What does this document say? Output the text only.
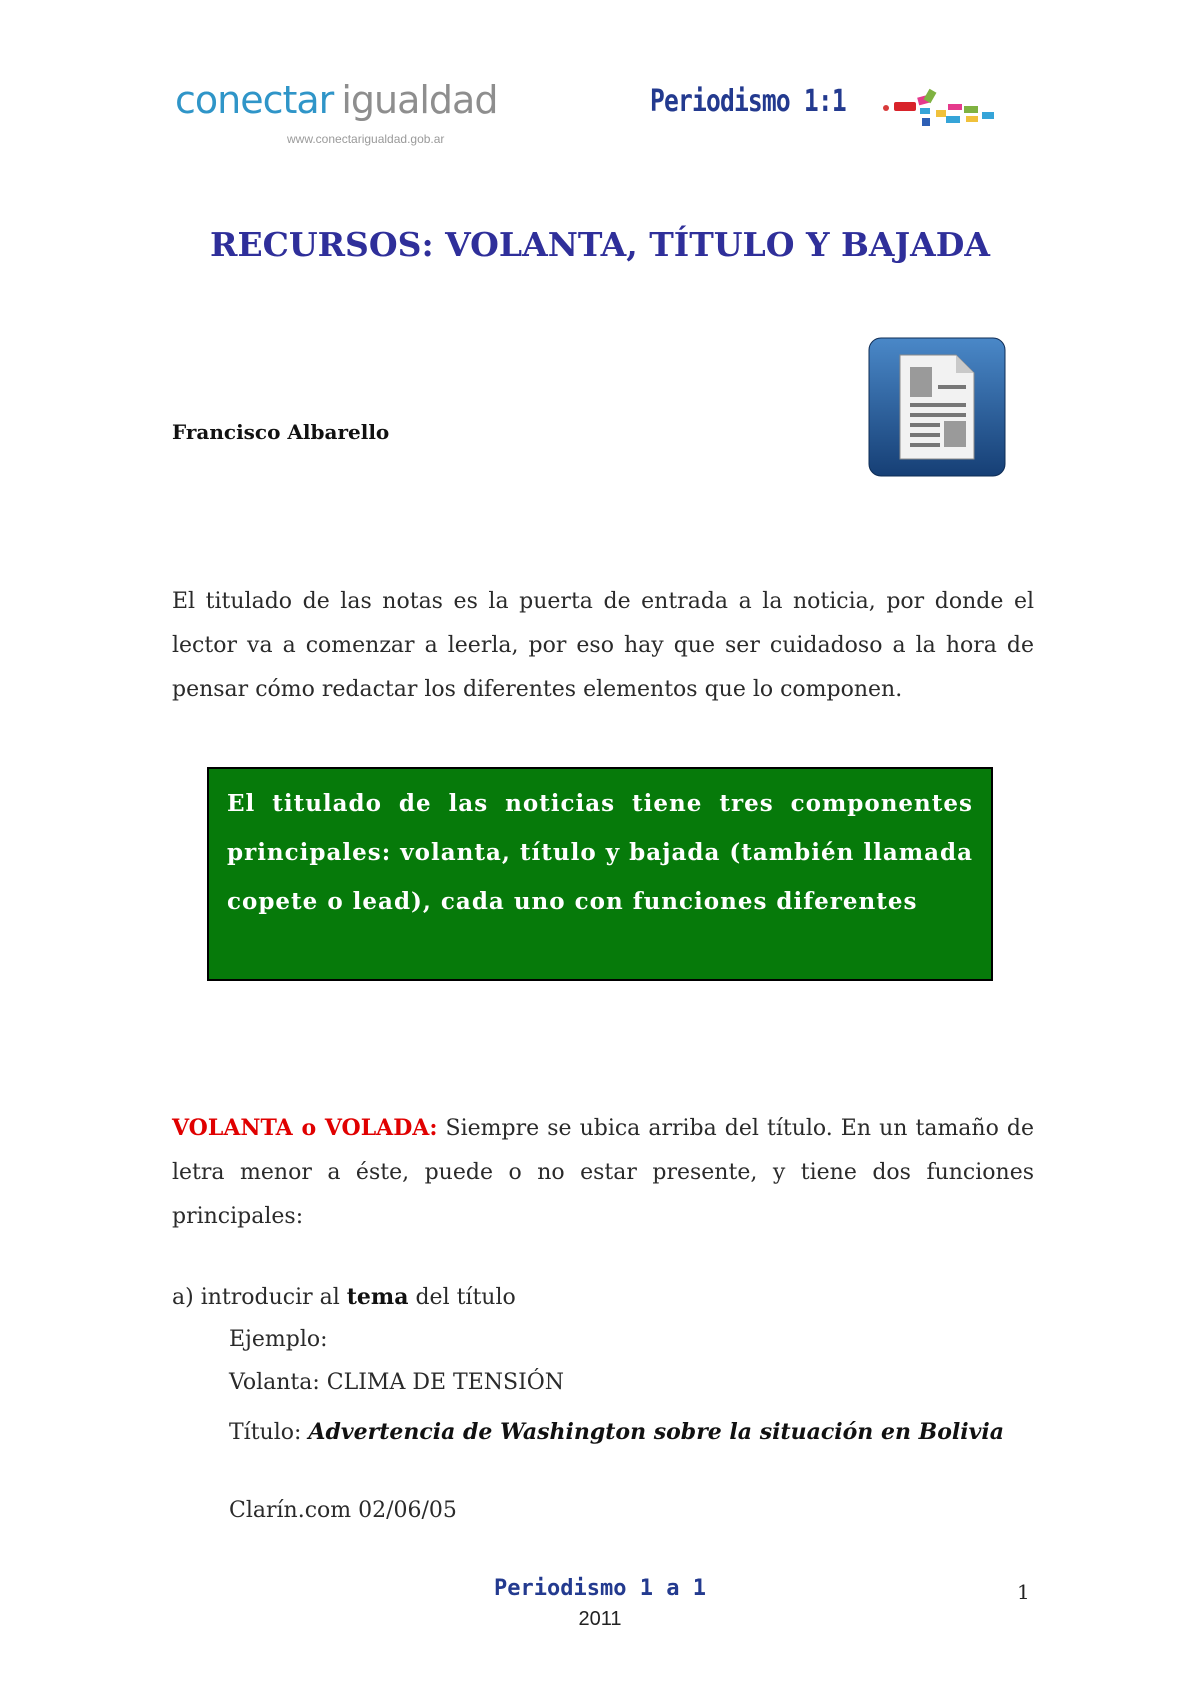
conectar igualdad
www.conectarigualdad.gob.ar
Periodismo 1:1
RECURSOS: VOLANTA, TÍTULO Y BAJADA
Francisco Albarello
El titulado de las notas es la puerta de entrada a la noticia, por donde el lector va a comenzar a leerla, por eso hay que ser cuidadoso a la hora de pensar cómo redactar los diferentes elementos que lo componen.
El titulado de las noticias tiene tres componentes principales: volanta, título y bajada (también llamada copete o lead), cada uno con funciones diferentes
VOLANTA o VOLADA: Siempre se ubica arriba del título. En un tamaño de letra menor a éste, puede o no estar presente, y tiene dos funciones principales:
a) introducir al tema del título
Ejemplo:
Volanta: CLIMA DE TENSIÓN
Título: Advertencia de Washington sobre la situación en Bolivia
Clarín.com 02/06/05
Periodismo 1 a 1
2011
1
